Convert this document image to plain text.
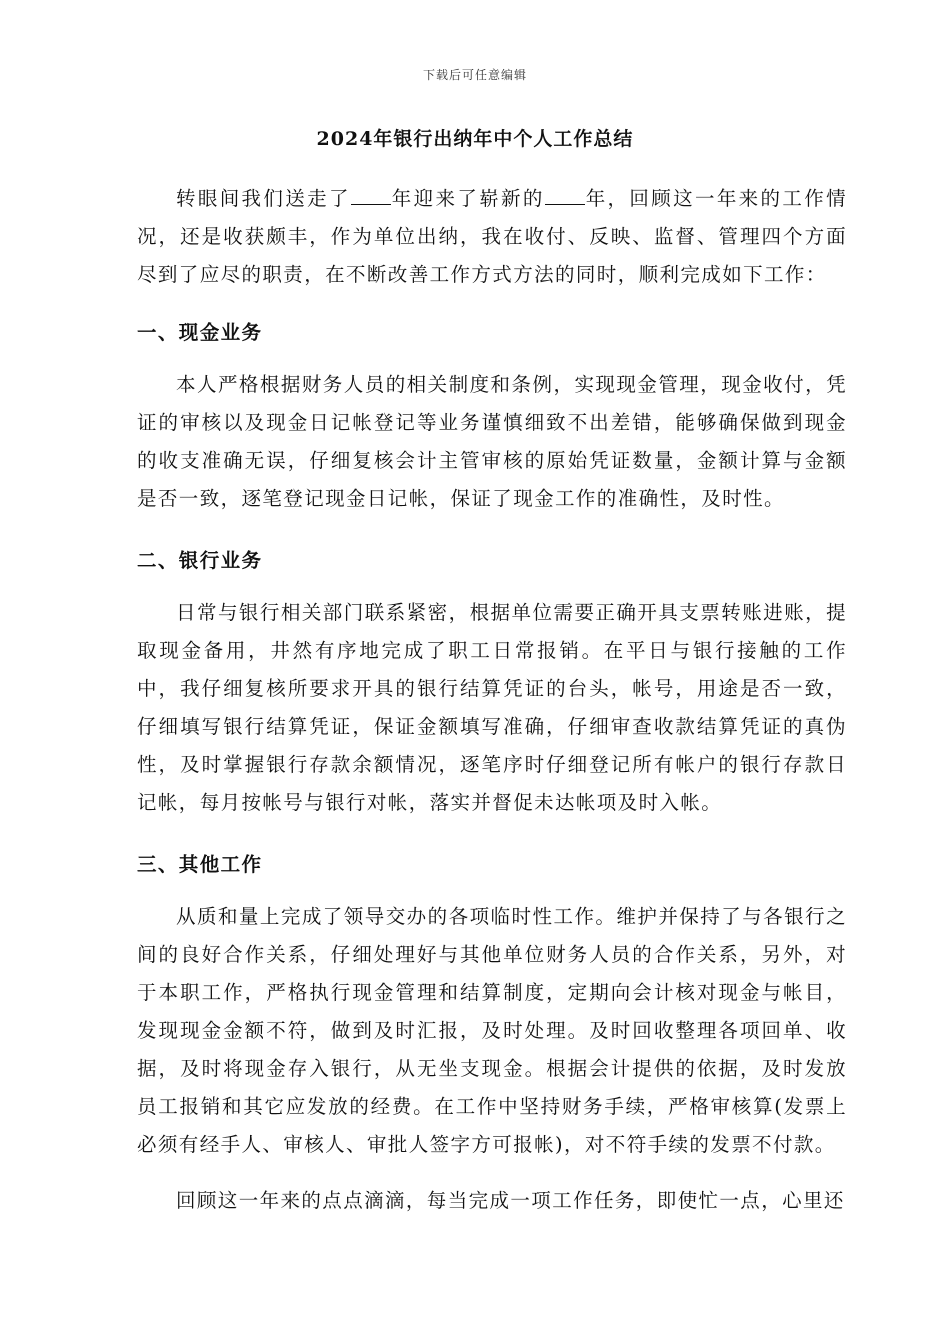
下载后可任意编辑
2024年银行出纳年中个人工作总结

转眼间我们送走了 年迎来了崭新的 年，回顾这一年来的工作情况，还是收获颇丰，作为单位出纳，我在收付、反映、监督、管理四个方面尽到了应尽的职责，在不断改善工作方式方法的同时，顺利完成如下工作：

一、现金业务

本人严格根据财务人员的相关制度和条例，实现现金管理，现金收付，凭证的审核以及现金日记帐登记等业务谨慎细致不出差错，能够确保做到现金的收支准确无误，仔细复核会计主管审核的原始凭证数量，金额计算与金额是否一致，逐笔登记现金日记帐，保证了现金工作的准确性，及时性。

二、银行业务

日常与银行相关部门联系紧密，根据单位需要正确开具支票转账进账，提取现金备用，井然有序地完成了职工日常报销。在平日与银行接触的工作中，我仔细复核所要求开具的银行结算凭证的台头，帐号，用途是否一致，仔细填写银行结算凭证，保证金额填写准确，仔细审查收款结算凭证的真伪性，及时掌握银行存款余额情况，逐笔序时仔细登记所有帐户的银行存款日记帐，每月按帐号与银行对帐，落实并督促未达帐项及时入帐。

三、其他工作

从质和量上完成了领导交办的各项临时性工作。维护并保持了与各银行之间的良好合作关系，仔细处理好与其他单位财务人员的合作关系，另外，对于本职工作，严格执行现金管理和结算制度，定期向会计核对现金与帐目，发现现金金额不符，做到及时汇报，及时处理。及时回收整理各项回单、收据，及时将现金存入银行，从无坐支现金。根据会计提供的依据，及时发放员工报销和其它应发放的经费。在工作中坚持财务手续，严格审核算(发票上必须有经手人、审核人、审批人签字方可报帐)，对不符手续的发票不付款。

回顾这一年来的点点滴滴，每当完成一项工作任务，即使忙一点，心里还
